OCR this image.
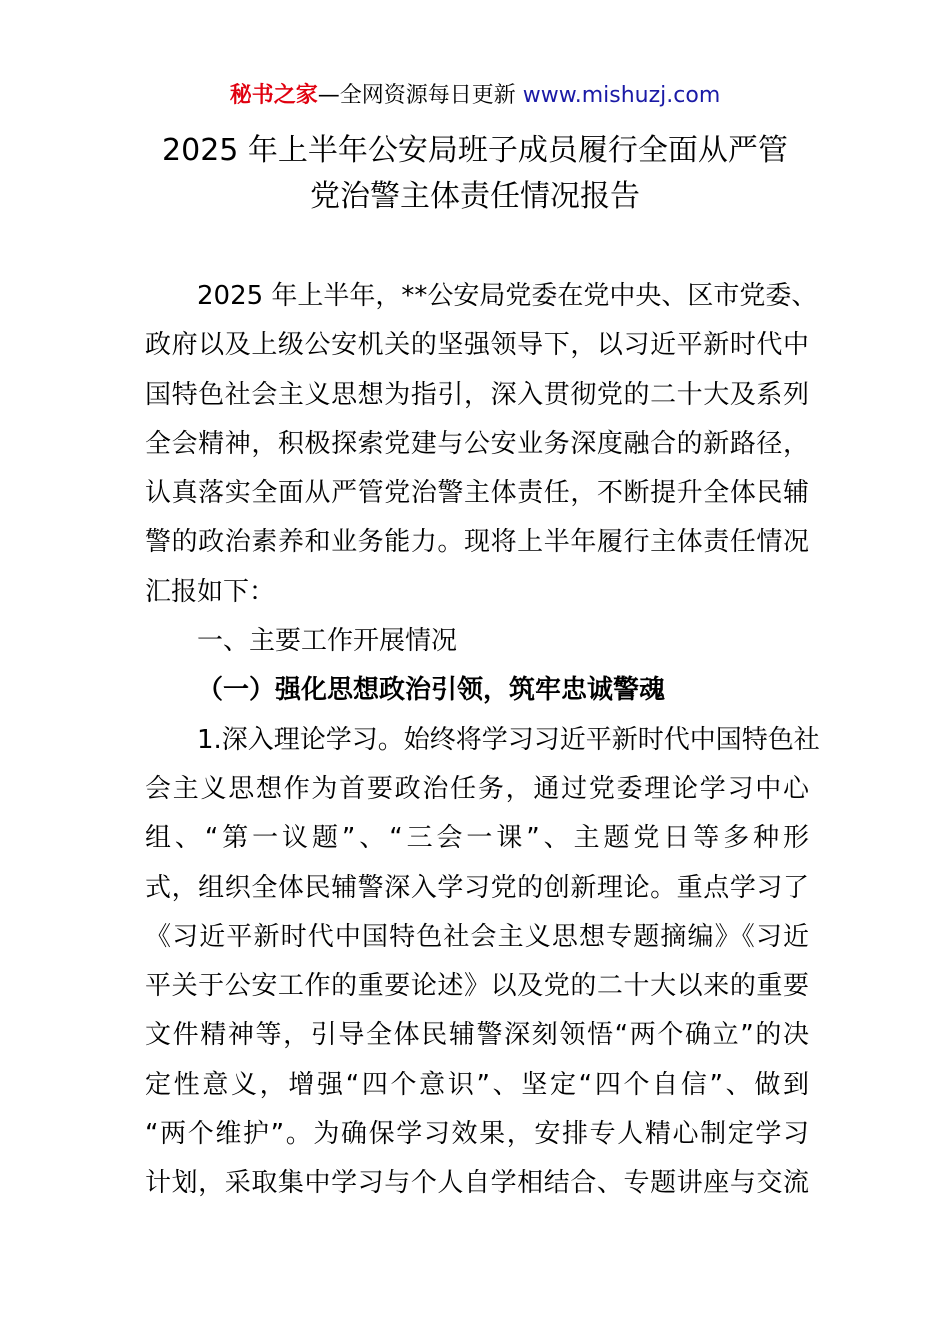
秘书之家—全网资源每日更新 www.mishuzj.com
2025 年上半年公安局班子成员履行全面从严管
党治警主体责任情况报告
2025 年上半年，**公安局党委在党中央、区市党委、
政府以及上级公安机关的坚强领导下，以习近平新时代中
国特色社会主义思想为指引，深入贯彻党的二十大及系列
全会精神，积极探索党建与公安业务深度融合的新路径，
认真落实全面从严管党治警主体责任，不断提升全体民辅
警的政治素养和业务能力。现将上半年履行主体责任情况
汇报如下：
一、主要工作开展情况
（一）强化思想政治引领，筑牢忠诚警魂
1.深入理论学习。始终将学习习近平新时代中国特色社
会主义思想作为首要政治任务，通过党委理论学习中心
组、“第一议题”、“三会一课”、主题党日等多种形
式，组织全体民辅警深入学习党的创新理论。重点学习了
《习近平新时代中国特色社会主义思想专题摘编》《习近
平关于公安工作的重要论述》以及党的二十大以来的重要
文件精神等，引导全体民辅警深刻领悟“两个确立”的决
定性意义，增强“四个意识”、坚定“四个自信”、做到
“两个维护”。为确保学习效果，安排专人精心制定学习
计划，采取集中学习与个人自学相结合、专题讲座与交流
